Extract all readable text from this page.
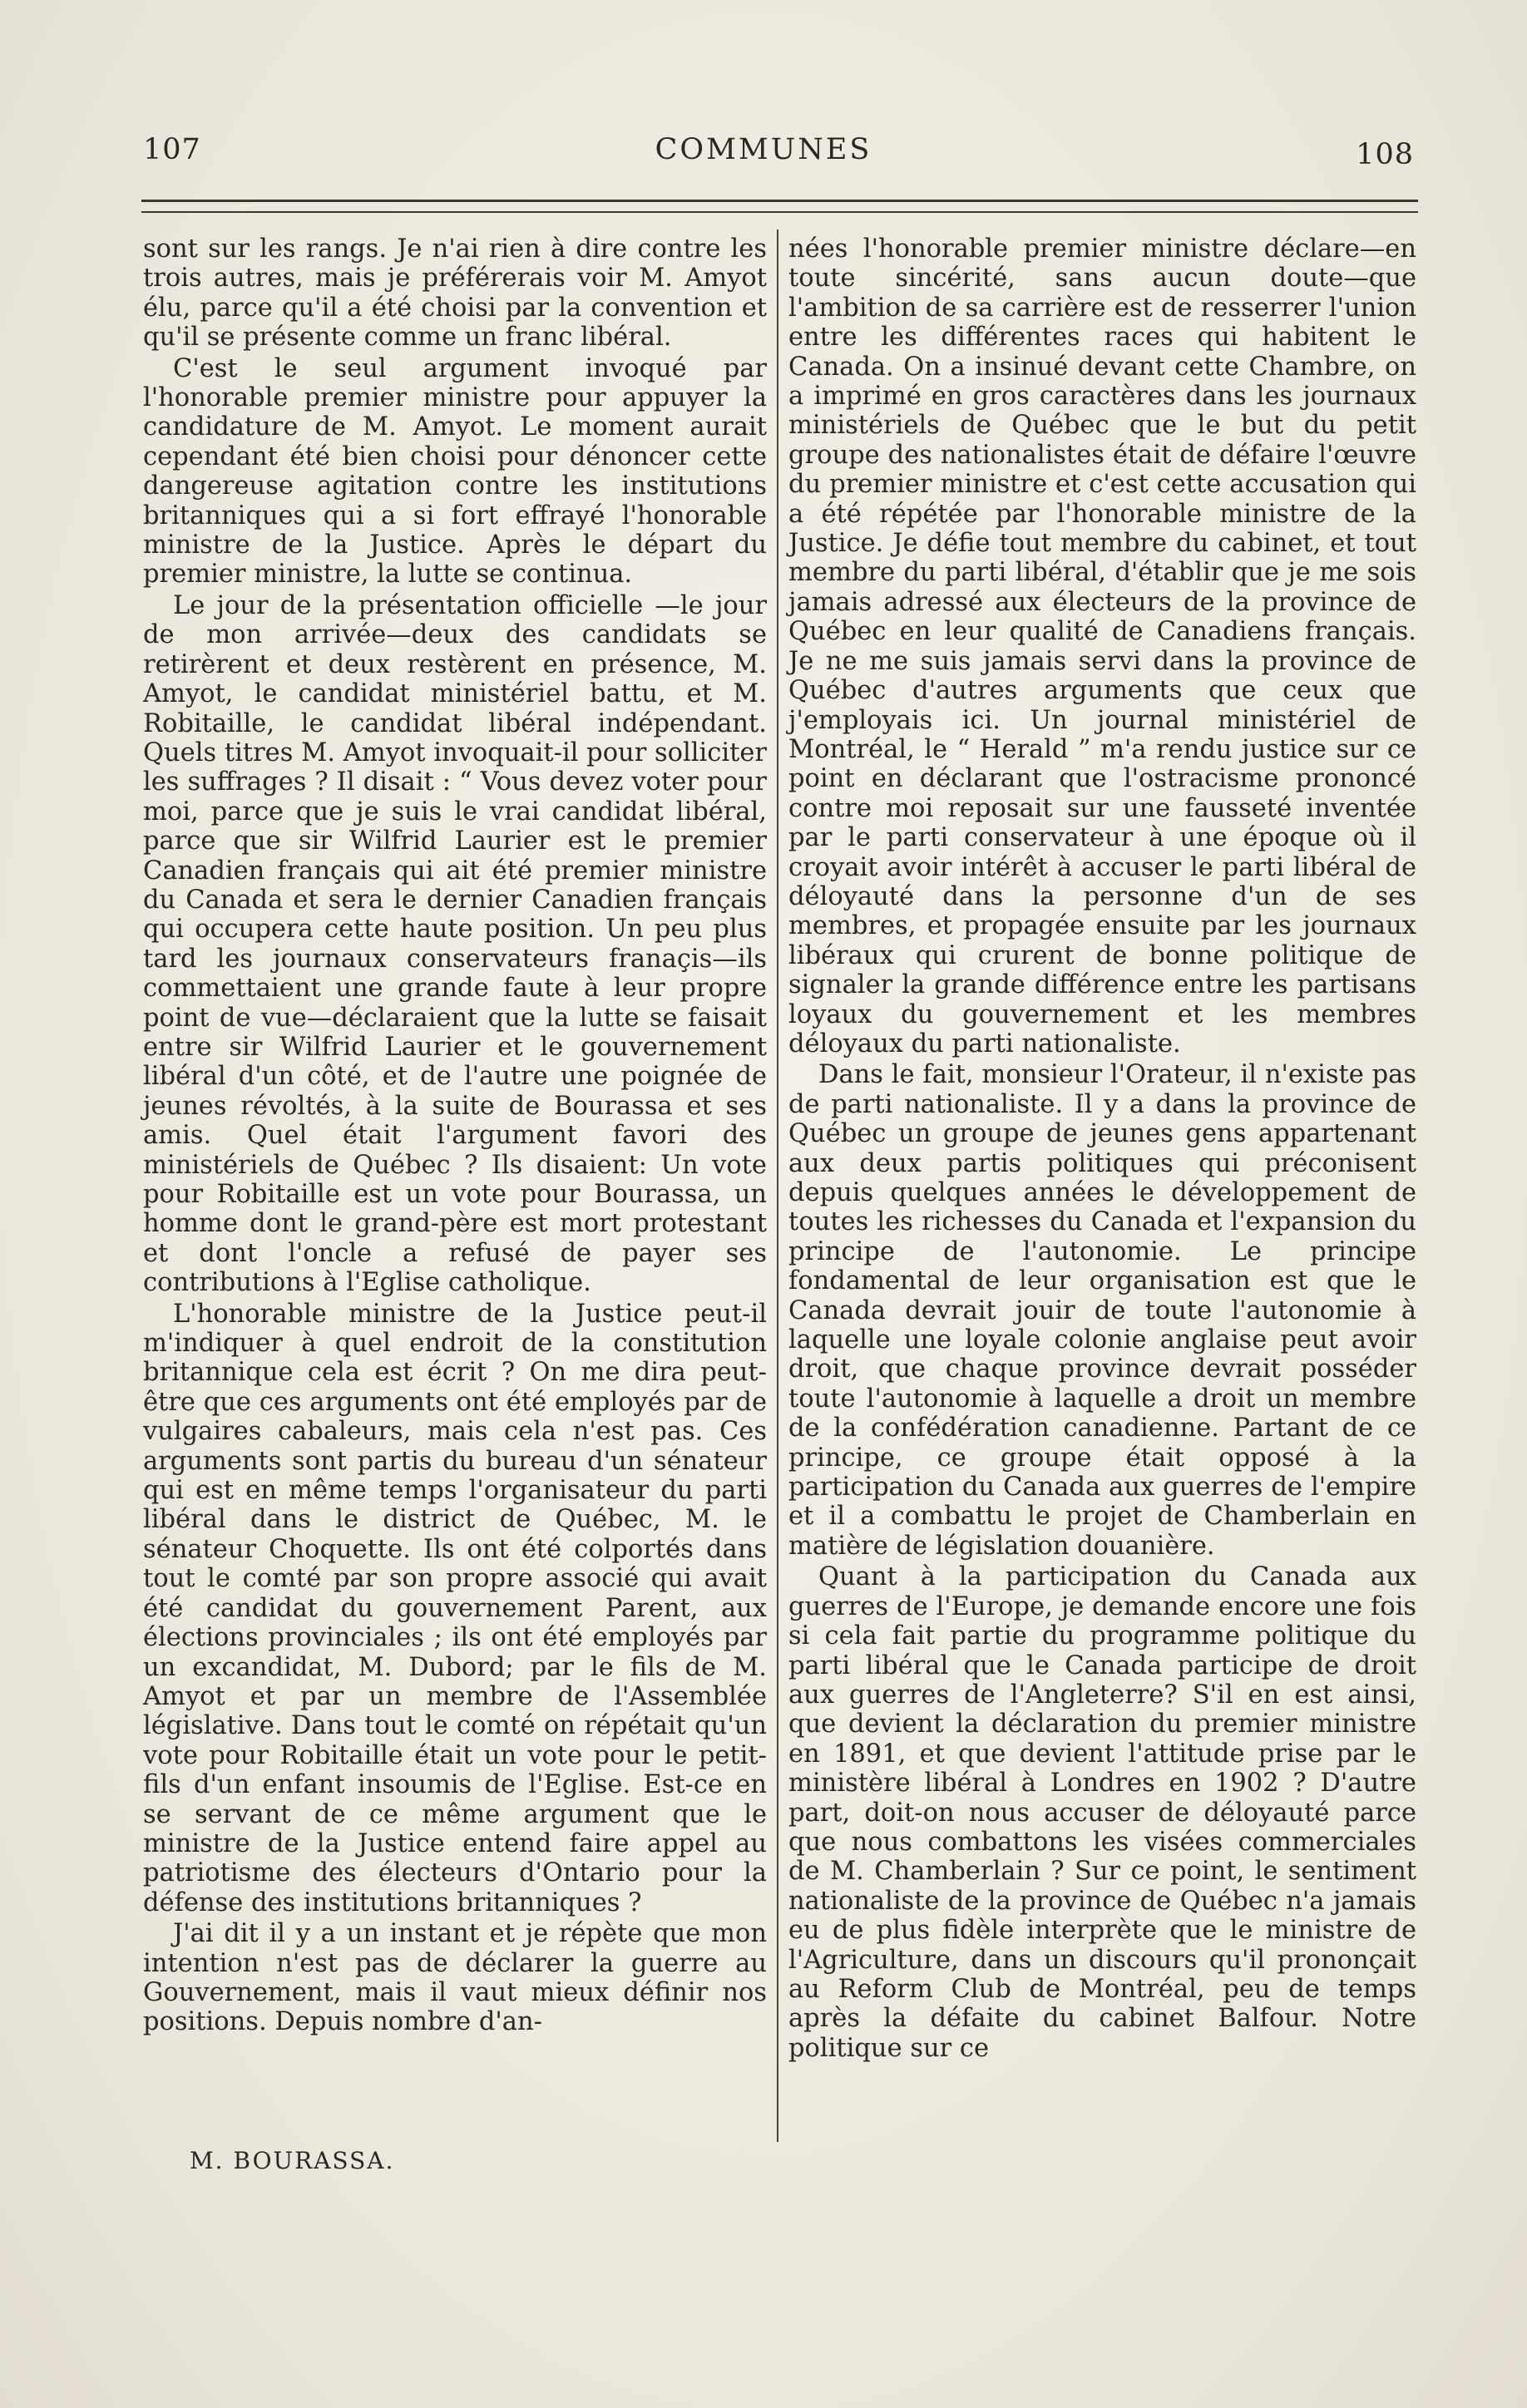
107	COMMUNES	108

sont sur les rangs. Je n'ai rien à dire contre les trois autres, mais je préférerais voir M. Amyot élu, parce qu'il a été choisi par la convention et qu'il se présente comme un franc libéral.

C'est le seul argument invoqué par l'honorable premier ministre pour appuyer la candidature de M. Amyot. Le moment aurait cependant été bien choisi pour dénoncer cette dangereuse agitation contre les institutions britanniques qui a si fort effrayé l'honorable ministre de la Justice. Après le départ du premier ministre, la lutte se continua.

Le jour de la présentation officielle —le jour de mon arrivée—deux des candidats se retirèrent et deux restèrent en présence, M. Amyot, le candidat ministériel battu, et M. Robitaille, le candidat libéral indépendant. Quels titres M. Amyot invoquait-il pour solliciter les suffrages ? Il disait : “ Vous devez voter pour moi, parce que je suis le vrai candidat libéral, parce que sir Wilfrid Laurier est le premier Canadien français qui ait été premier ministre du Canada et sera le dernier Canadien français qui occupera cette haute position. Un peu plus tard les journaux conservateurs franaçis—ils commettaient une grande faute à leur propre point de vue—déclaraient que la lutte se faisait entre sir Wilfrid Laurier et le gouvernement libéral d'un côté, et de l'autre une poignée de jeunes révoltés, à la suite de Bourassa et ses amis. Quel était l'argument favori des ministériels de Québec ? Ils disaient: Un vote pour Robitaille est un vote pour Bourassa, un homme dont le grand-père est mort protestant et dont l'oncle a refusé de payer ses contributions à l'Eglise catholique.

L'honorable ministre de la Justice peut-il m'indiquer à quel endroit de la constitution britannique cela est écrit ? On me dira peut-être que ces arguments ont été employés par de vulgaires cabaleurs, mais cela n'est pas. Ces arguments sont partis du bureau d'un sénateur qui est en même temps l'organisateur du parti libéral dans le district de Québec, M. le sénateur Choquette. Ils ont été colportés dans tout le comté par son propre associé qui avait été candidat du gouvernement Parent, aux élections provinciales ; ils ont été employés par un excandidat, M. Dubord; par le fils de M. Amyot et par un membre de l'Assemblée législative. Dans tout le comté on répétait qu'un vote pour Robitaille était un vote pour le petit-fils d'un enfant insoumis de l'Eglise. Est-ce en se servant de ce même argument que le ministre de la Justice entend faire appel au patriotisme des électeurs d'Ontario pour la défense des institutions britanniques ?

J'ai dit il y a un instant et je répète que mon intention n'est pas de déclarer la guerre au Gouvernement, mais il vaut mieux définir nos positions. Depuis nombre d'an-

nées l'honorable premier ministre déclare—en toute sincérité, sans aucun doute—que l'ambition de sa carrière est de resserrer l'union entre les différentes races qui habitent le Canada. On a insinué devant cette Chambre, on a imprimé en gros caractères dans les journaux ministériels de Québec que le but du petit groupe des nationalistes était de défaire l'œuvre du premier ministre et c'est cette accusation qui a été répétée par l'honorable ministre de la Justice. Je défie tout membre du cabinet, et tout membre du parti libéral, d'établir que je me sois jamais adressé aux électeurs de la province de Québec en leur qualité de Canadiens français. Je ne me suis jamais servi dans la province de Québec d'autres arguments que ceux que j'employais ici. Un journal ministériel de Montréal, le “ Herald ” m'a rendu justice sur ce point en déclarant que l'ostracisme prononcé contre moi reposait sur une fausseté inventée par le parti conservateur à une époque où il croyait avoir intérêt à accuser le parti libéral de déloyauté dans la personne d'un de ses membres, et propagée ensuite par les journaux libéraux qui crurent de bonne politique de signaler la grande différence entre les partisans loyaux du gouvernement et les membres déloyaux du parti nationaliste.

Dans le fait, monsieur l'Orateur, il n'existe pas de parti nationaliste. Il y a dans la province de Québec un groupe de jeunes gens appartenant aux deux partis politiques qui préconisent depuis quelques années le développement de toutes les richesses du Canada et l'expansion du principe de l'autonomie. Le principe fondamental de leur organisation est que le Canada devrait jouir de toute l'autonomie à laquelle une loyale colonie anglaise peut avoir droit, que chaque province devrait posséder toute l'autonomie à laquelle a droit un membre de la confédération canadienne. Partant de ce principe, ce groupe était opposé à la participation du Canada aux guerres de l'empire et il a combattu le projet de Chamberlain en matière de législation douanière.

Quant à la participation du Canada aux guerres de l'Europe, je demande encore une fois si cela fait partie du programme politique du parti libéral que le Canada participe de droit aux guerres de l'Angleterre? S'il en est ainsi, que devient la déclaration du premier ministre en 1891, et que devient l'attitude prise par le ministère libéral à Londres en 1902 ? D'autre part, doit-on nous accuser de déloyauté parce que nous combattons les visées commerciales de M. Chamberlain ? Sur ce point, le sentiment nationaliste de la province de Québec n'a jamais eu de plus fidèle interprète que le ministre de l'Agriculture, dans un discours qu'il prononçait au Reform Club de Montréal, peu de temps après la défaite du cabinet Balfour. Notre politique sur ce

M. BOURASSA.
